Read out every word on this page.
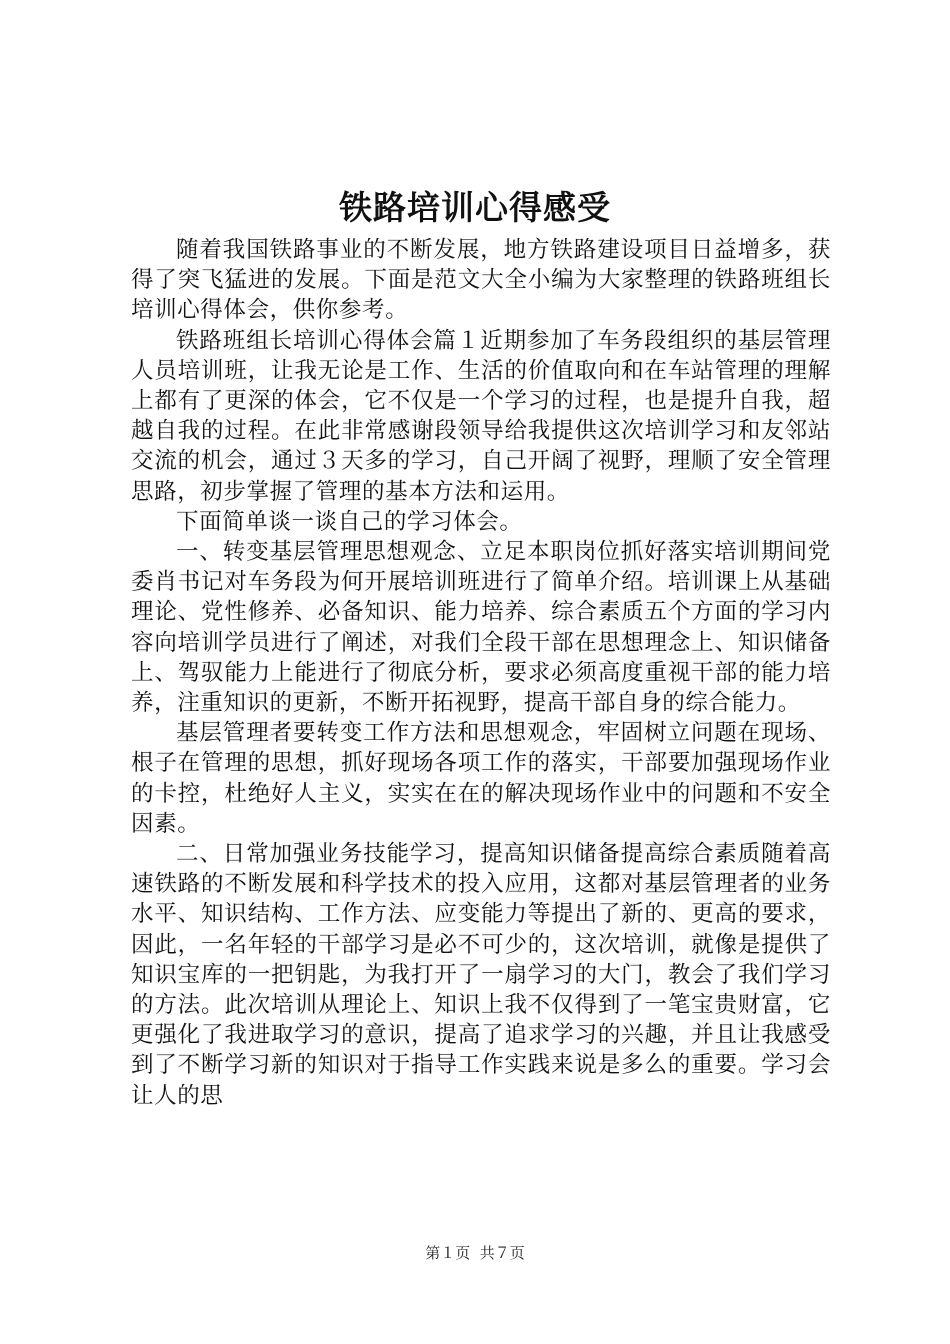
铁路培训心得感受

随着我国铁路事业的不断发展，地方铁路建设项目日益增多，获得了突飞猛进的发展。下面是范文大全小编为大家整理的铁路班组长培训心得体会，供你参考。

铁路班组长培训心得体会篇１近期参加了车务段组织的基层管理人员培训班，让我无论是工作、生活的价值取向和在车站管理的理解上都有了更深的体会，它不仅是一个学习的过程，也是提升自我，超越自我的过程。在此非常感谢段领导给我提供这次培训学习和友邻站交流的机会，通过３天多的学习，自己开阔了视野，理顺了安全管理思路，初步掌握了管理的基本方法和运用。

下面简单谈一谈自己的学习体会。

一、转变基层管理思想观念、立足本职岗位抓好落实培训期间党委肖书记对车务段为何开展培训班进行了简单介绍。培训课上从基础理论、党性修养、必备知识、能力培养、综合素质五个方面的学习内容向培训学员进行了阐述，对我们全段干部在思想理念上、知识储备上、驾驭能力上能进行了彻底分析，要求必须高度重视干部的能力培养，注重知识的更新，不断开拓视野，提高干部自身的综合能力。

基层管理者要转变工作方法和思想观念，牢固树立问题在现场、根子在管理的思想，抓好现场各项工作的落实，干部要加强现场作业的卡控，杜绝好人主义，实实在在的解决现场作业中的问题和不安全因素。

二、日常加强业务技能学习，提高知识储备提高综合素质随着高速铁路的不断发展和科学技术的投入应用，这都对基层管理者的业务水平、知识结构、工作方法、应变能力等提出了新的、更高的要求，因此，一名年轻的干部学习是必不可少的，这次培训，就像是提供了知识宝库的一把钥匙，为我打开了一扇学习的大门，教会了我们学习的方法。此次培训从理论上、知识上我不仅得到了一笔宝贵财富，它更强化了我进取学习的意识，提高了追求学习的兴趣，并且让我感受到了不断学习新的知识对于指导工作实践来说是多么的重要。学习会让人的思

第１页 共７页
